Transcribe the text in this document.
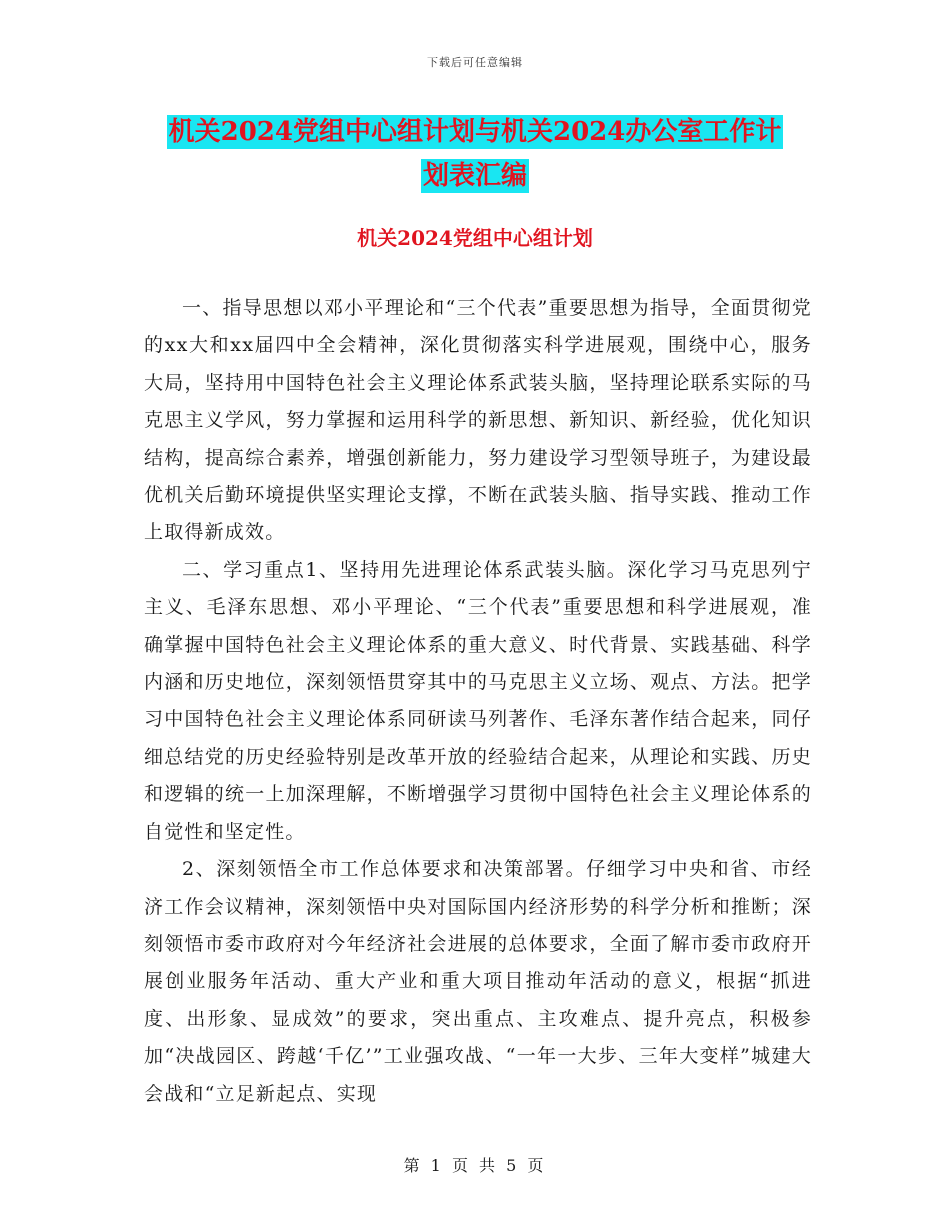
下载后可任意编辑
机关2024党组中心组计划与机关2024办公室工作计
划表汇编
机关2024党组中心组计划

一、指导思想以邓小平理论和“三个代表”重要思想为指导，全面贯彻党的xx大和xx届四中全会精神，深化贯彻落实科学进展观，围绕中心，服务大局，坚持用中国特色社会主义理论体系武装头脑，坚持理论联系实际的马克思主义学风，努力掌握和运用科学的新思想、新知识、新经验，优化知识结构，提高综合素养，增强创新能力，努力建设学习型领导班子，为建设最优机关后勤环境提供坚实理论支撑，不断在武装头脑、指导实践、推动工作上取得新成效。

二、学习重点1、坚持用先进理论体系武装头脑。深化学习马克思列宁主义、毛泽东思想、邓小平理论、“三个代表”重要思想和科学进展观，准确掌握中国特色社会主义理论体系的重大意义、时代背景、实践基础、科学内涵和历史地位，深刻领悟贯穿其中的马克思主义立场、观点、方法。把学习中国特色社会主义理论体系同研读马列著作、毛泽东著作结合起来，同仔细总结党的历史经验特别是改革开放的经验结合起来，从理论和实践、历史和逻辑的统一上加深理解，不断增强学习贯彻中国特色社会主义理论体系的自觉性和坚定性。

2、深刻领悟全市工作总体要求和决策部署。仔细学习中央和省、市经济工作会议精神，深刻领悟中央对国际国内经济形势的科学分析和推断；深刻领悟市委市政府对今年经济社会进展的总体要求，全面了解市委市政府开展创业服务年活动、重大产业和重大项目推动年活动的意义，根据“抓进度、出形象、显成效”的要求，突出重点、主攻难点、提升亮点，积极参加“决战园区、跨越‘千亿’”工业强攻战、“一年一大步、三年大变样”城建大会战和“立足新起点、实现

第 1 页 共 5 页
